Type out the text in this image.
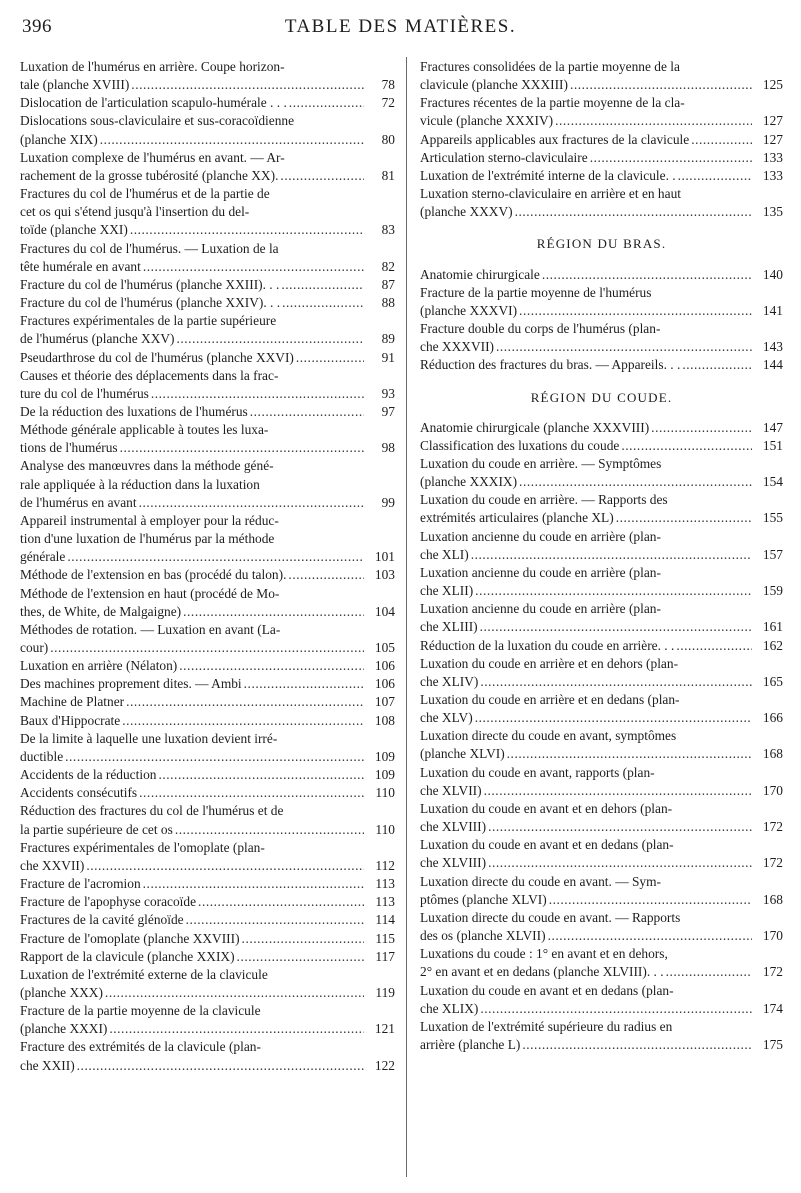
396	TABLE DES MATIÈRES.
Luxation de l'humérus en arrière. Coupe horizon-
tale (planche XVIII) . . .	78
Dislocation de l'articulation scapulo-humérale . . . . . .	72
Dislocations sous-claviculaire et sus-coracoïdienne
(planche XIX) . . .	80
Luxation complexe de l'humérus en avant. — Ar-
rachement de la grosse tubérosité (planche XX). . . .	81
Fractures du col de l'humérus et de la partie de
cet os qui s'étend jusqu'à l'insertion du del-
toïde (planche XXI) . . .	83
Fractures du col de l'humérus. — Luxation de la
tête humérale en avant . . .	82
Fracture du col de l'humérus (planche XXIII). . . . . .	87
Fracture du col de l'humérus (planche XXIV). . . . . .	88
Fractures expérimentales de la partie supérieure
de l'humérus (planche XXV) . . .	89
Pseudarthrose du col de l'humérus (planche XXVI) . . .	91
Causes et théorie des déplacements dans la frac-
ture du col de l'humérus . . .	93
De la réduction des luxations de l'humérus . . .	97
Méthode générale applicable à toutes les luxa-
tions de l'humérus . . .	98
Analyse des manœuvres dans la méthode géné-
rale appliquée à la réduction dans la luxation
de l'humérus en avant . . .	99
Appareil instrumental à employer pour la réduc-
tion d'une luxation de l'humérus par la méthode
générale . . .	101
Méthode de l'extension en bas (procédé du talon). . . .	103
Méthode de l'extension en haut (procédé de Mo-
thes, de White, de Malgaigne) . . .	104
Méthodes de rotation. — Luxation en avant (La-
cour) . . .	105
Luxation en arrière (Nélaton) . . .	106
Des machines proprement dites. — Ambi . . .	106
Machine de Platner . . .	107
Baux d'Hippocrate . . .	108
De la limite à laquelle une luxation devient irré-
ductible . . .	109
Accidents de la réduction . . .	109
Accidents consécutifs . . .	110
Réduction des fractures du col de l'humérus et de
la partie supérieure de cet os . . .	110
Fractures expérimentales de l'omoplate (plan-
che XXVII) . . .	112
Fracture de l'acromion . . .	113
Fracture de l'apophyse coracoïde . . .	113
Fractures de la cavité glénoïde . . .	114
Fracture de l'omoplate (planche XXVIII) . . .	115
Rapport de la clavicule (planche XXIX) . . .	117
Luxation de l'extrémité externe de la clavicule
(planche XXX) . . .	119
Fracture de la partie moyenne de la clavicule
(planche XXXI) . . .	121
Fracture des extrémités de la clavicule (plan-
che XXII) . . .	122
Fractures consolidées de la partie moyenne de la
clavicule (planche XXXIII) . . .	125
Fractures récentes de la partie moyenne de la cla-
vicule (planche XXXIV) . . .	127
Appareils applicables aux fractures de la clavicule . . .	127
Articulation sterno-claviculaire . . .	133
Luxation de l'extrémité interne de la clavicule. . . . .	133
Luxation sterno-claviculaire en arrière et en haut
(planche XXXV) . . .	135
RÉGION DU BRAS.
Anatomie chirurgicale . . .	140
Fracture de la partie moyenne de l'humérus
(planche XXXVI) . . .	141
Fracture double du corps de l'humérus (plan-
che XXXVII) . . .	143
Réduction des fractures du bras. — Appareils. . . . . .	144
RÉGION DU COUDE.
Anatomie chirurgicale (planche XXXVIII) . . .	147
Classification des luxations du coude . . .	151
Luxation du coude en arrière. — Symptômes
(planche XXXIX) . . .	154
Luxation du coude en arrière. — Rapports des
extrémités articulaires (planche XL) . . .	155
Luxation ancienne du coude en arrière (plan-
che XLI) . . .	157
Luxation ancienne du coude en arrière (plan-
che XLII) . . .	159
Luxation ancienne du coude en arrière (plan-
che XLIII) . . .	161
Réduction de la luxation du coude en arrière. . . . . .	162
Luxation du coude en arrière et en dehors (plan-
che XLIV) . . .	165
Luxation du coude en arrière et en dedans (plan-
che XLV) . . .	166
Luxation directe du coude en avant, symptômes
(planche XLVI) . . .	168
Luxation du coude en avant, rapports (plan-
che XLVII) . . .	170
Luxation du coude en avant et en dehors (plan-
che XLVIII) . . .	172
Luxation du coude en avant et en dedans (plan-
che XLVIII) . . .	172
Luxation directe du coude en avant. — Sym-
ptômes (planche XLVI) . . .	168
Luxation directe du coude en avant. — Rapports
des os (planche XLVII) . . .	170
Luxations du coude : 1° en avant et en dehors,
2° en avant et en dedans (planche XLVIII). . . . . .	172
Luxation du coude en avant et en dedans (plan-
che XLIX) . . .	174
Luxation de l'extrémité supérieure du radius en
arrière (planche L) . . .	175
